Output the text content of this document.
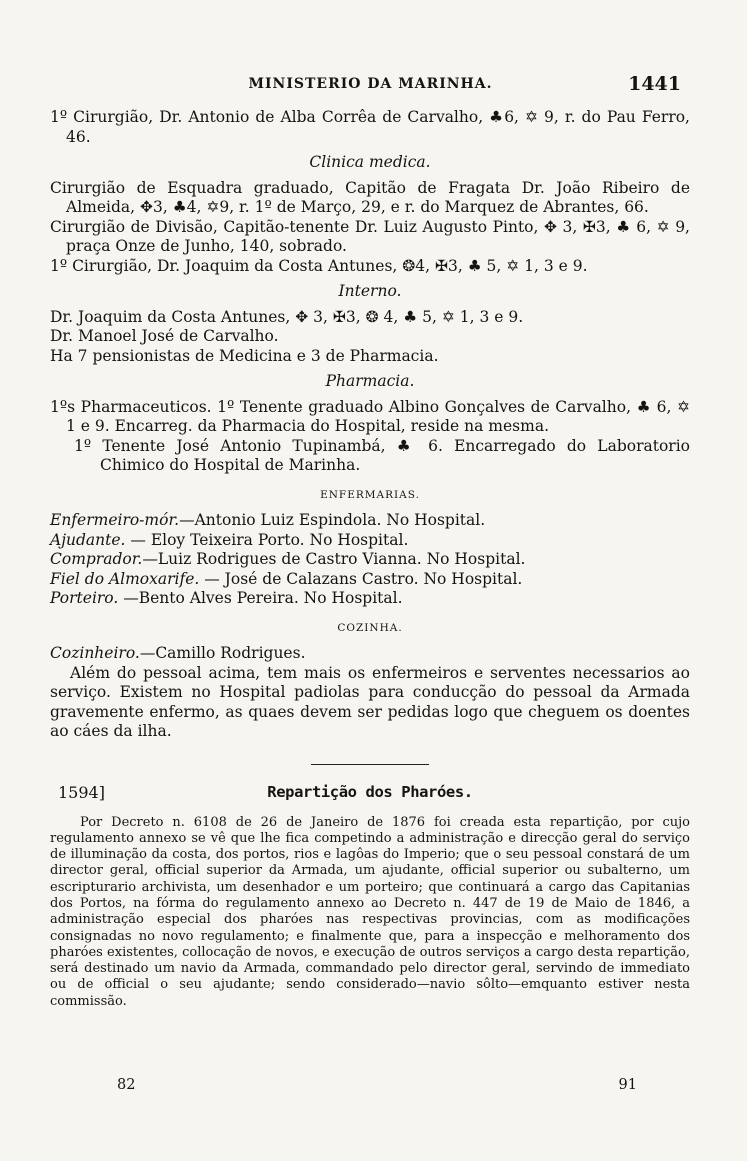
MINISTERIO DA MARINHA.	1441

1º Cirurgião, Dr. Antonio de Alba Corrêa de Carvalho, ♣6, ✡ 9, r. do Pau Ferro, 46.

Clinica medica.

Cirurgião de Esquadra graduado, Capitão de Fragata Dr. João Ribeiro de Almeida, ✥3, ♣4, ✡9, r. 1º de Março, 29, e r. do Marquez de Abrantes, 66.

Cirurgião de Divisão, Capitão-tenente Dr. Luiz Augusto Pinto, ✥ 3, ✠3, ♣ 6, ✡ 9, praça Onze de Junho, 140, sobrado.

1º Cirurgião, Dr. Joaquim da Costa Antunes, ❂4, ✠3, ♣ 5, ✡ 1, 3 e 9.

Interno.

Dr. Joaquim da Costa Antunes, ✥ 3, ✠3, ❂ 4, ♣ 5, ✡ 1, 3 e 9.

Dr. Manoel José de Carvalho.

Ha 7 pensionistas de Medicina e 3 de Pharmacia.

Pharmacia.

1ºs Pharmaceuticos. 1º Tenente graduado Albino Gonçalves de Carvalho, ♣ 6, ✡ 1 e 9. Encarreg. da Pharmacia do Hospital, reside na mesma.

1º Tenente José Antonio Tupinambá, ♣ 6. Encarregado do Laboratorio Chimico do Hospital de Marinha.

ENFERMARIAS.

Enfermeiro-mór.—Antonio Luiz Espindola. No Hospital.

Ajudante. — Eloy Teixeira Porto. No Hospital.

Comprador.—Luiz Rodrigues de Castro Vianna. No Hospital.

Fiel do Almoxarife. — José de Calazans Castro. No Hospital.

Porteiro. —Bento Alves Pereira. No Hospital.

COZINHA.

Cozinheiro.—Camillo Rodrigues.

Além do pessoal acima, tem mais os enfermeiros e serventes necessarios ao serviço. Existem no Hospital padiolas para conducção do pessoal da Armada gravemente enfermo, as quaes devem ser pedidas logo que cheguem os doentes ao cáes da ilha.

1594]	Repartição dos Pharóes.

Por Decreto n. 6108 de 26 de Janeiro de 1876 foi creada esta repartição, por cujo regulamento annexo se vê que lhe fica competindo a administração e direcção geral do serviço de illuminação da costa, dos portos, rios e lagôas do Imperio; que o seu pessoal constará de um director geral, official superior da Armada, um ajudante, official superior ou subalterno, um escripturario archivista, um desenhador e um porteiro; que continuará a cargo das Capitanias dos Portos, na fórma do regulamento annexo ao Decreto n. 447 de 19 de Maio de 1846, a administração especial dos pharóes nas respectivas provincias, com as modificações consignadas no novo regulamento; e finalmente que, para a inspecção e melhoramento dos pharóes existentes, collocação de novos, e execução de outros serviços a cargo desta repartição, será destinado um navio da Armada, commandado pelo director geral, servindo de immediato ou de official o seu ajudante; sendo considerado—navio sôlto—emquanto estiver nesta commissão.

82	91
